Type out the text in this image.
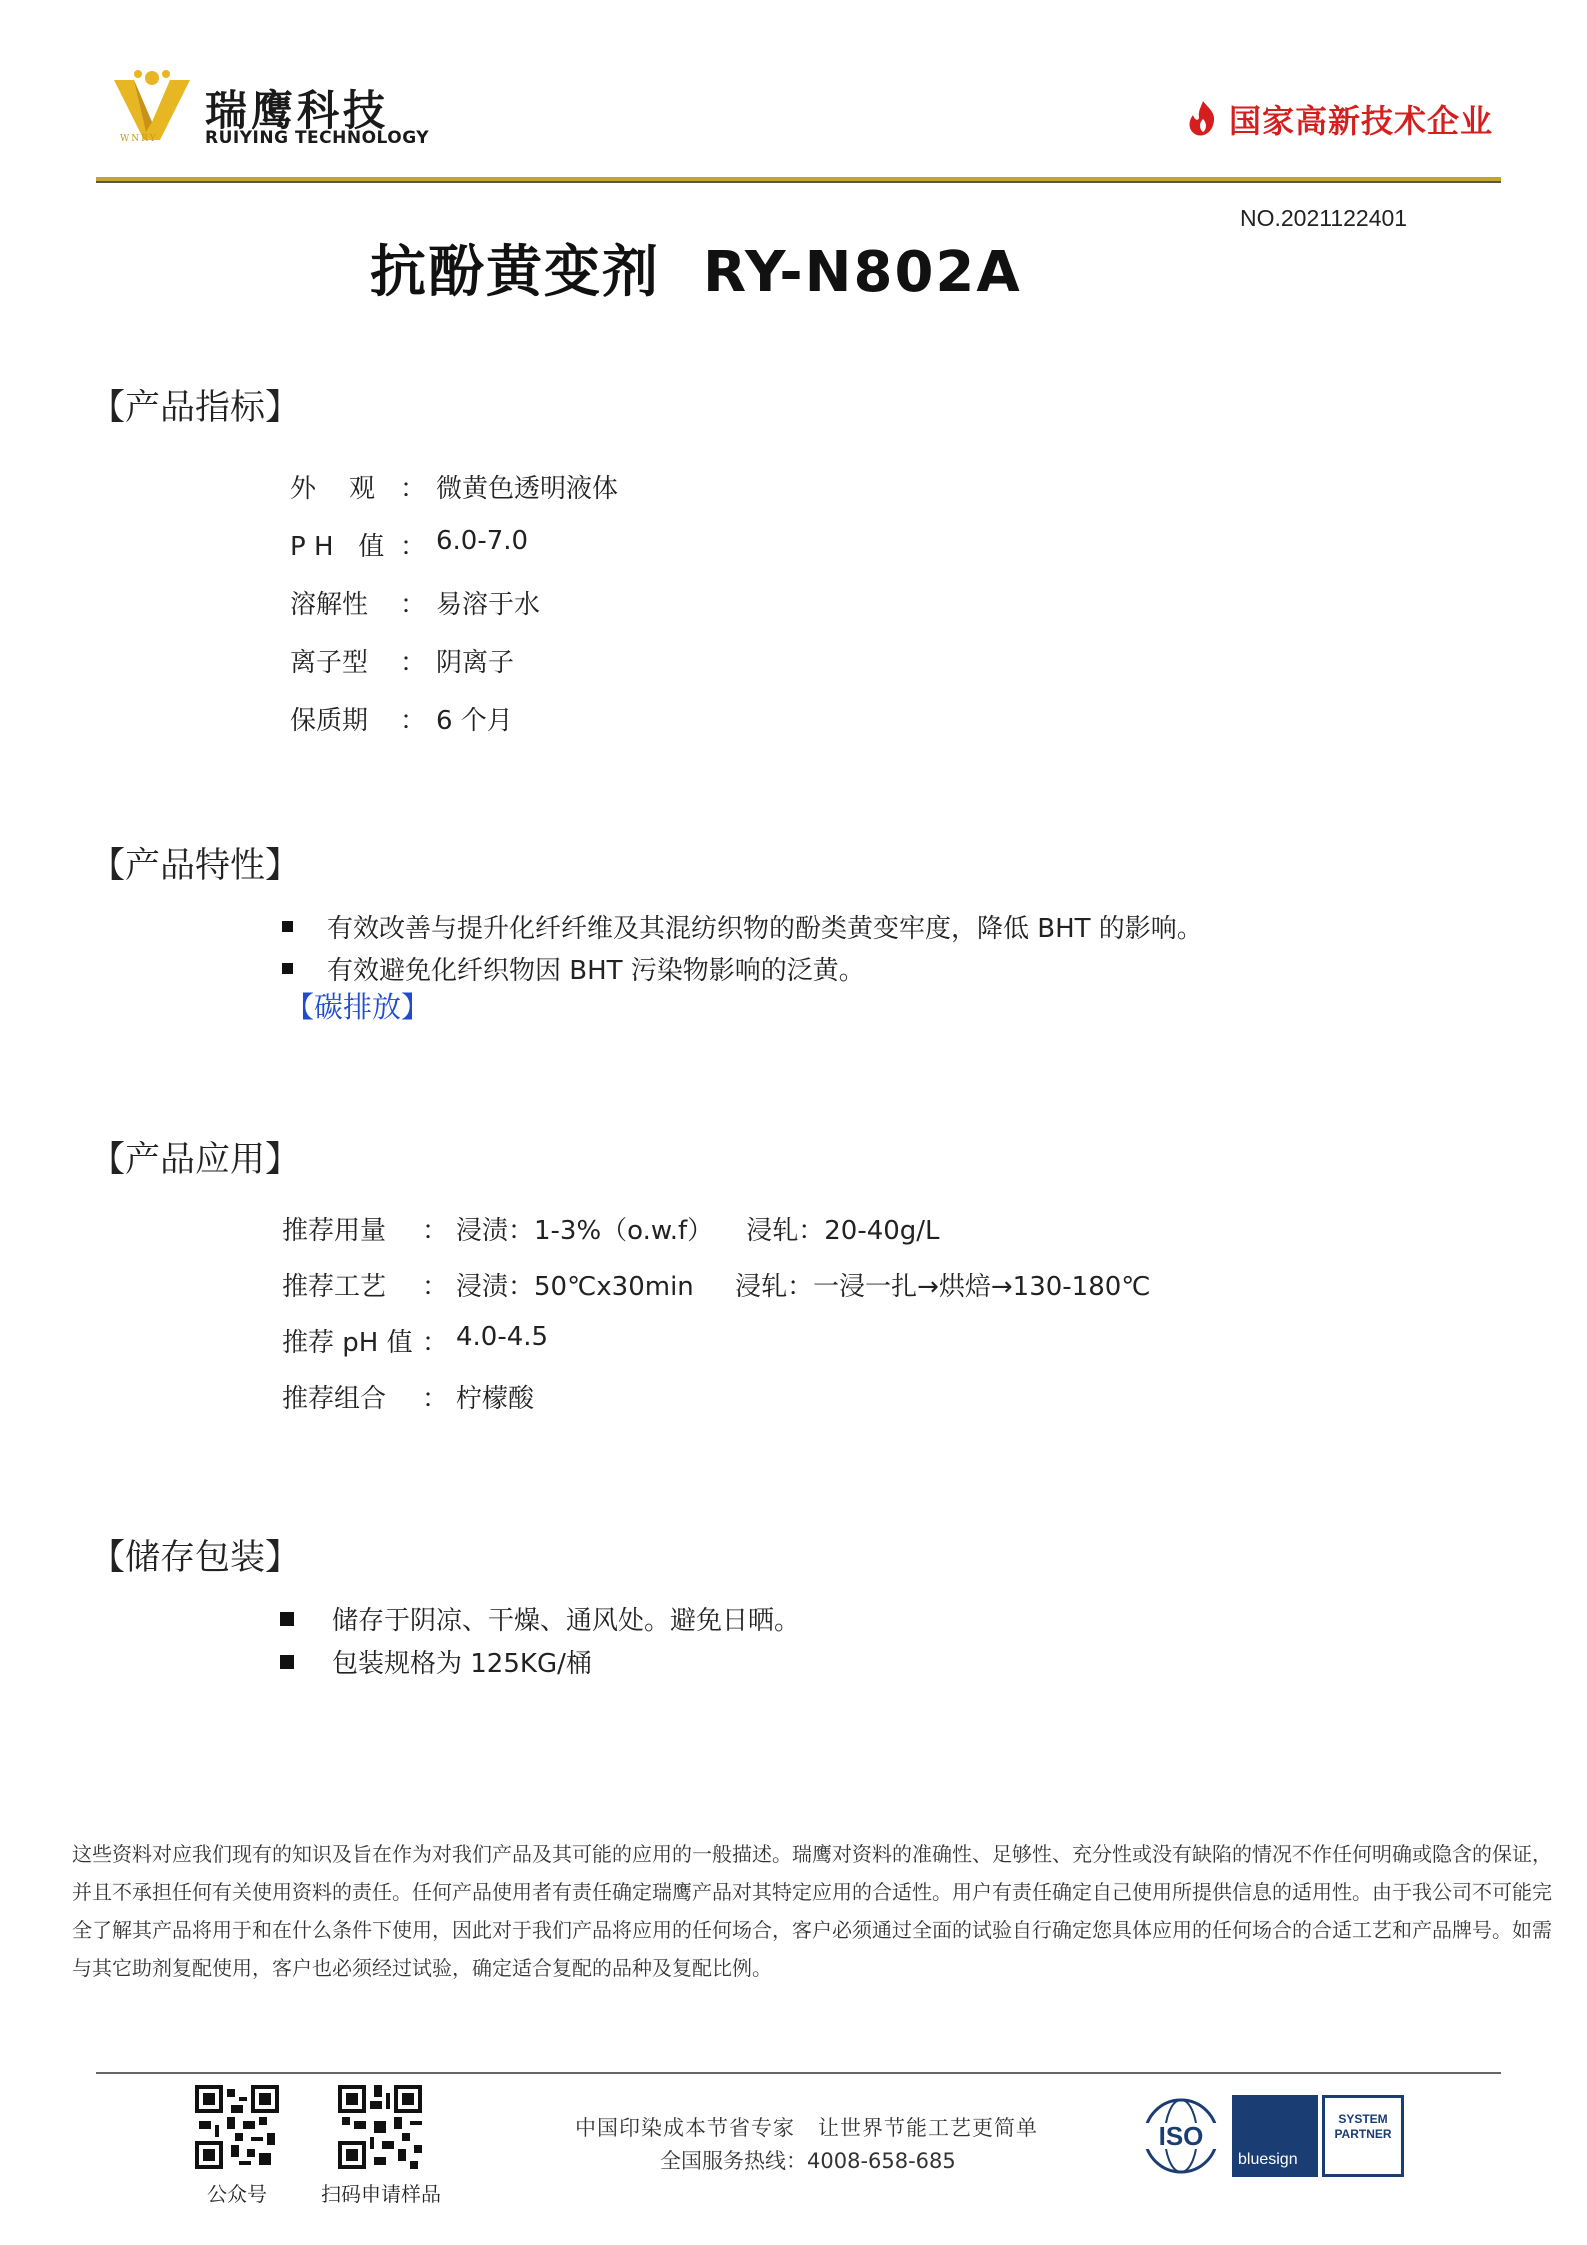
WNRY
瑞鹰科技
RUIYING TECHNOLOGY	国家高新技术企业
NO.2021122401
抗酚黄变剂  RY-N802A
【产品指标】
外    观 ： 微黄色透明液体
P H   值 ： 6.0-7.0
溶解性 ： 易溶于水
离子型 ： 阴离子
保质期 ： 6 个月
【产品特性】
有效改善与提升化纤纤维及其混纺织物的酚类黄变牢度，降低 BHT 的影响。
有效避免化纤织物因 BHT 污染物影响的泛黄。
【碳排放】
【产品应用】
推荐用量 ： 浸渍：1-3%（o.w.f）    浸轧：20-40g/L
推荐工艺 ： 浸渍：50℃x30min     浸轧：一浸一扎→烘焙→130-180℃
推荐 pH 值 ： 4.0-4.5
推荐组合 ： 柠檬酸
【储存包装】
储存于阴凉、干燥、通风处。避免日晒。
包装规格为 125KG/桶
这些资料对应我们现有的知识及旨在作为对我们产品及其可能的应用的一般描述。瑞鹰对资料的准确性、足够性、充分性或没有缺陷的情况不作任何明确或隐含的保证，并且不承担任何有关使用资料的责任。任何产品使用者有责任确定瑞鹰产品对其特定应用的合适性。用户有责任确定自己使用所提供信息的适用性。由于我公司不可能完全了解其产品将用于和在什么条件下使用，因此对于我们产品将应用的任何场合，客户必须通过全面的试验自行确定您具体应用的任何场合的合适工艺和产品牌号。如需与其它助剂复配使用，客户也必须经过试验，确定适合复配的品种及复配比例。
公众号	扫码申请样品
中国印染成本节省专家   让世界节能工艺更简单
全国服务热线：4008-658-685
ISO
bluesign
SYSTEM
PARTNER
